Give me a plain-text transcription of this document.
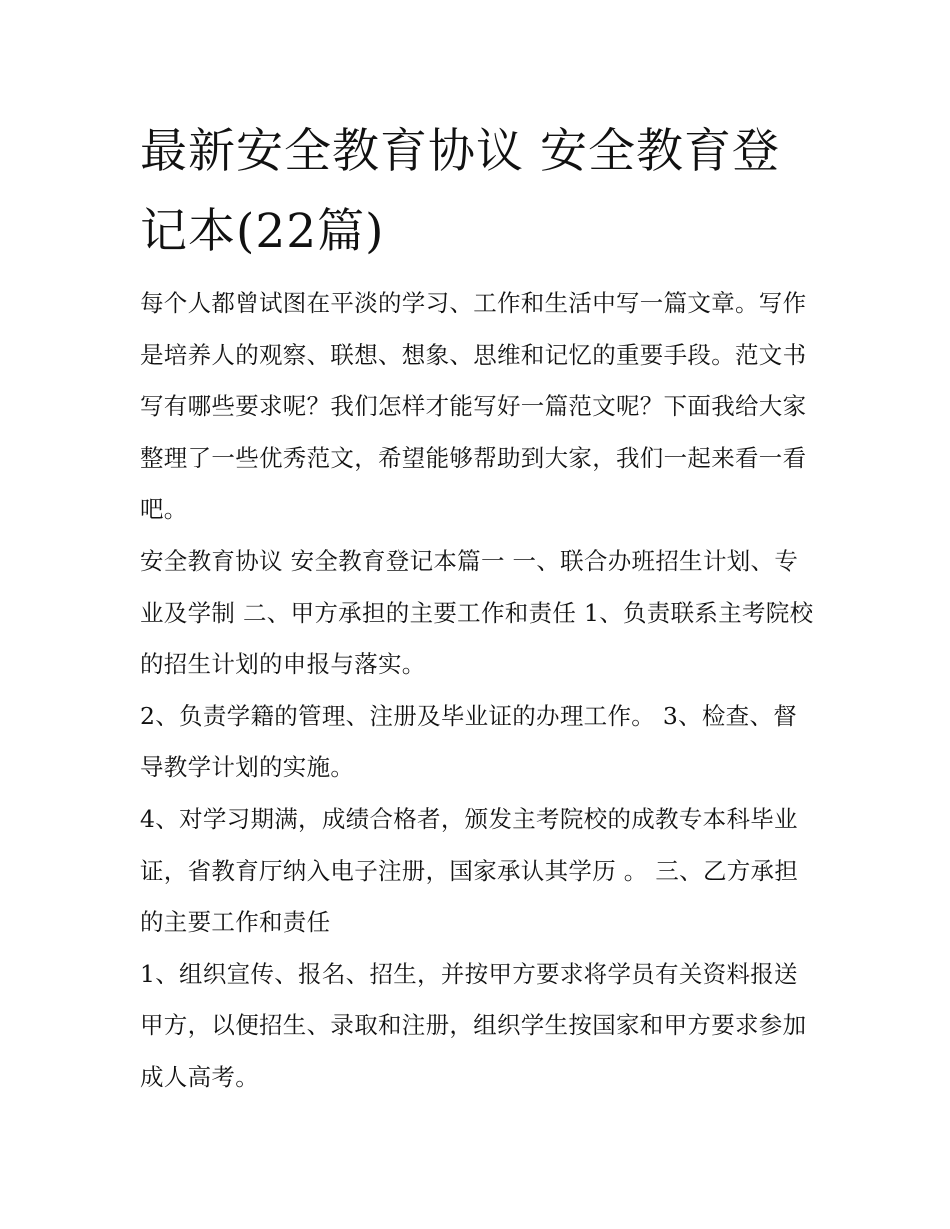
最新安全教育协议 安全教育登记本(22篇)

每个人都曾试图在平淡的学习、工作和生活中写一篇文章。写作是培养人的观察、联想、想象、思维和记忆的重要手段。范文书写有哪些要求呢？我们怎样才能写好一篇范文呢？下面我给大家整理了一些优秀范文，希望能够帮助到大家，我们一起来看一看吧。

安全教育协议 安全教育登记本篇一 一、联合办班招生计划、专业及学制 二、甲方承担的主要工作和责任 1、负责联系主考院校的招生计划的申报与落实。

2、负责学籍的管理、注册及毕业证的办理工作。 3、检查、督导教学计划的实施。

4、对学习期满，成绩合格者，颁发主考院校的成教专本科毕业证，省教育厅纳入电子注册，国家承认其学历 。 三、乙方承担的主要工作和责任

1、组织宣传、报名、招生，并按甲方要求将学员有关资料报送甲方，以便招生、录取和注册，组织学生按国家和甲方要求参加成人高考。
